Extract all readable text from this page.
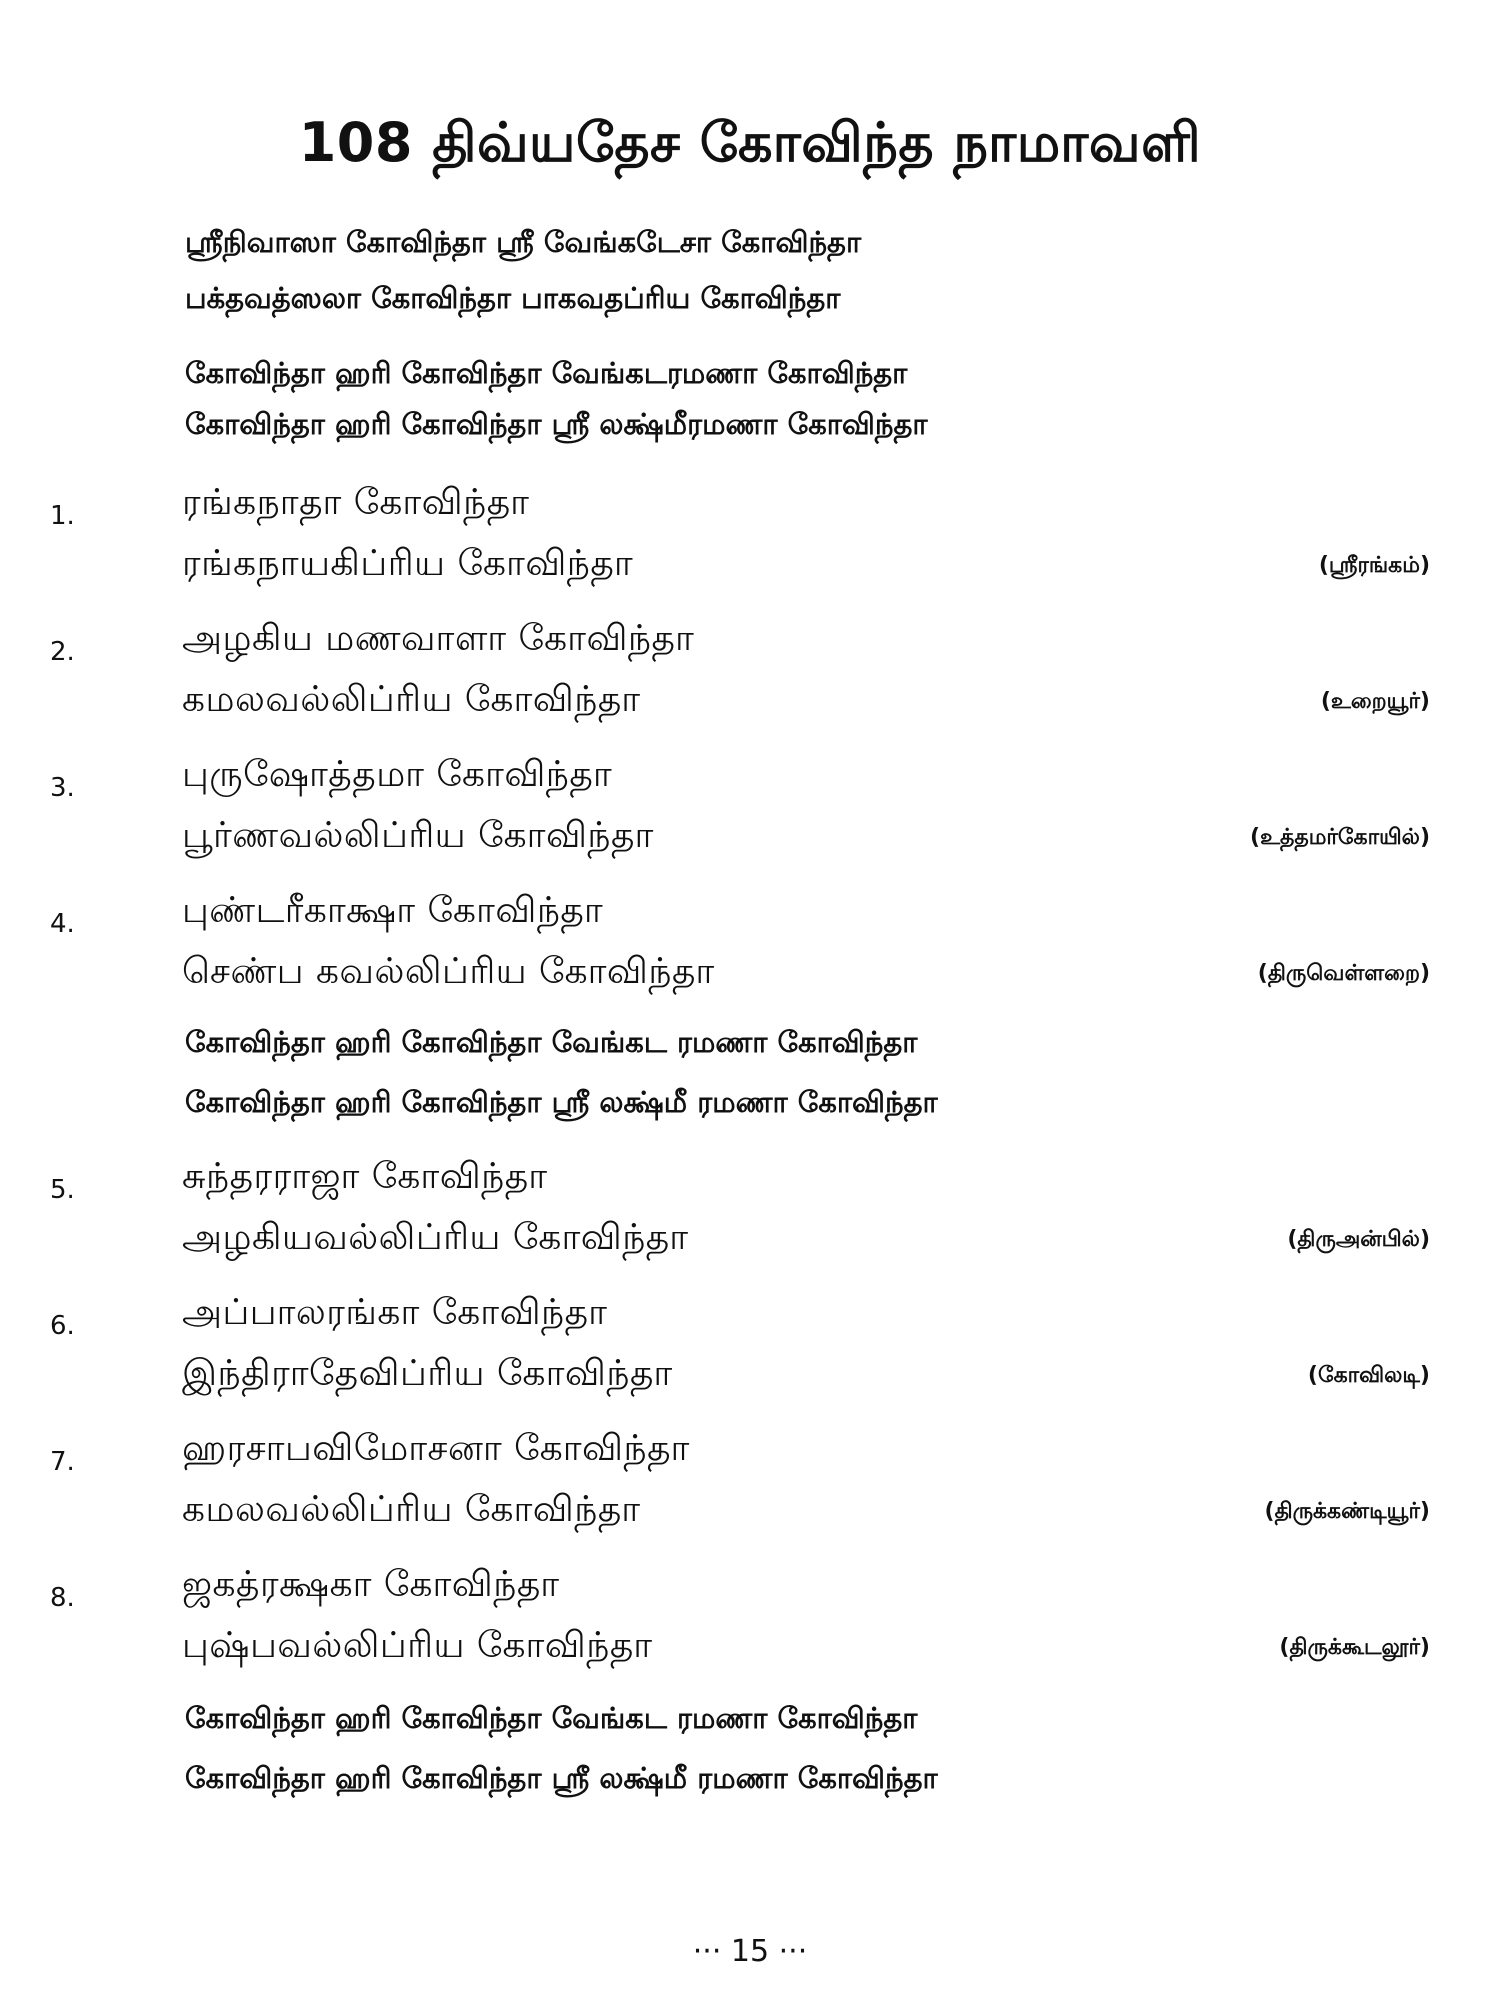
108 திவ்யதேச கோவிந்த நாமாவளி
ஸ்ரீநிவாஸா கோவிந்தா ஸ்ரீ வேங்கடேசா கோவிந்தா
பக்தவத்ஸலா கோவிந்தா பாகவதப்ரிய கோவிந்தா
கோவிந்தா ஹரி கோவிந்தா வேங்கடரமணா கோவிந்தா
கோவிந்தா ஹரி கோவிந்தா ஸ்ரீ லக்ஷ்மீரமணா கோவிந்தா
1.	ரங்கநாதா கோவிந்தா
ரங்கநாயகிப்ரிய கோவிந்தா	(ஸ்ரீரங்கம்)
2.	அழகிய மணவாளா கோவிந்தா
கமலவல்லிப்ரிய கோவிந்தா	(உறையூர்)
3.	புருஷோத்தமா கோவிந்தா
பூர்ணவல்லிப்ரிய கோவிந்தா	(உத்தமர்கோயில்)
4.	புண்டரீகாக்ஷா கோவிந்தா
செண்ப கவல்லிப்ரிய கோவிந்தா	(திருவெள்ளறை)
கோவிந்தா ஹரி கோவிந்தா வேங்கட ரமணா கோவிந்தா
கோவிந்தா ஹரி கோவிந்தா ஸ்ரீ லக்ஷ்மீ ரமணா கோவிந்தா
5.	சுந்தரராஜா கோவிந்தா
அழகியவல்லிப்ரிய கோவிந்தா	(திருஅன்பில்)
6.	அப்பாலரங்கா கோவிந்தா
இந்திராதேவிப்ரிய கோவிந்தா	(கோவிலடி)
7.	ஹரசாபவிமோசனா கோவிந்தா
கமலவல்லிப்ரிய கோவிந்தா	(திருக்கண்டியூர்)
8.	ஜகத்ரக்ஷகா கோவிந்தா
புஷ்பவல்லிப்ரிய கோவிந்தா	(திருக்கூடலூர்)
கோவிந்தா ஹரி கோவிந்தா வேங்கட ரமணா கோவிந்தா
கோவிந்தா ஹரி கோவிந்தா ஸ்ரீ லக்ஷ்மீ ரமணா கோவிந்தா
··· 15 ···
